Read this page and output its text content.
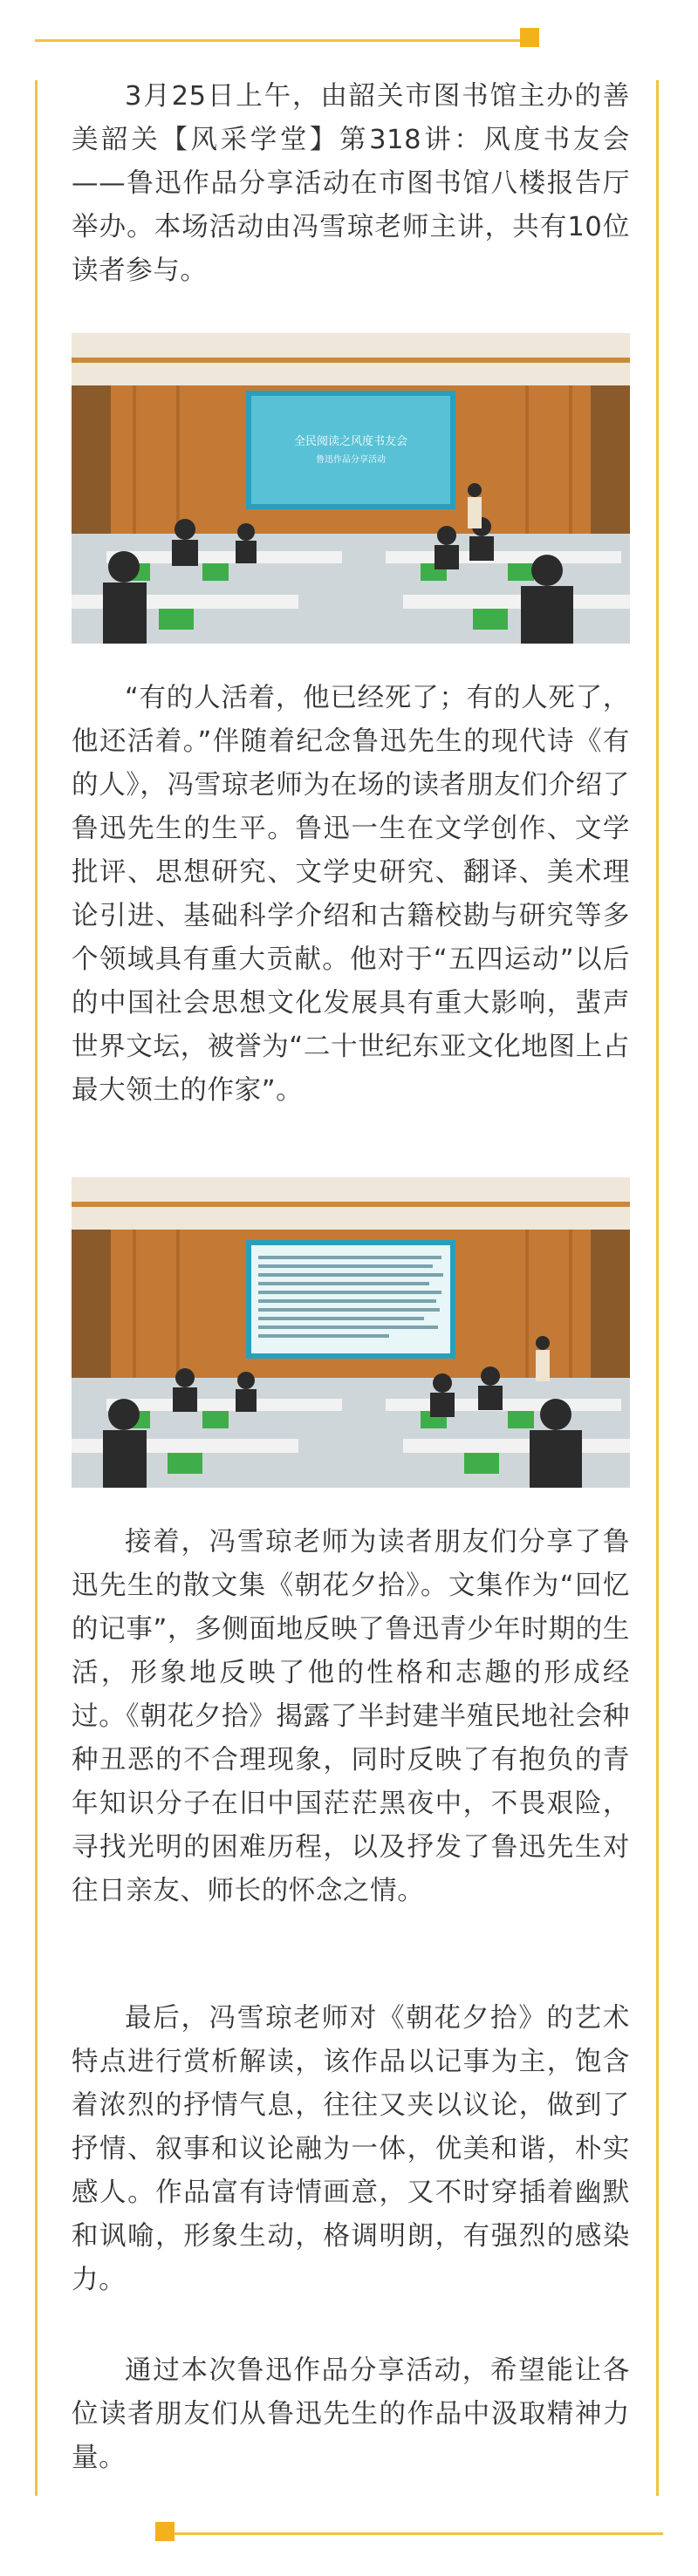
3月25日上午，由韶关市图书馆主办的善美韶关【风采学堂】第318讲：风度书友会——鲁迅作品分享活动在市图书馆八楼报告厅举办。本场活动由冯雪琼老师主讲，共有10位读者参与。

全民阅读之风度书友会
鲁迅作品分享活动

“有的人活着，他已经死了；有的人死了，他还活着。”伴随着纪念鲁迅先生的现代诗《有的人》，冯雪琼老师为在场的读者朋友们介绍了鲁迅先生的生平。鲁迅一生在文学创作、文学批评、思想研究、文学史研究、翻译、美术理论引进、基础科学介绍和古籍校勘与研究等多个领域具有重大贡献。他对于“五四运动”以后的中国社会思想文化发展具有重大影响，蜚声世界文坛，被誉为“二十世纪东亚文化地图上占最大领土的作家”。

接着，冯雪琼老师为读者朋友们分享了鲁迅先生的散文集《朝花夕拾》。文集作为“回忆的记事”，多侧面地反映了鲁迅青少年时期的生活，形象地反映了他的性格和志趣的形成经过。《朝花夕拾》揭露了半封建半殖民地社会种种丑恶的不合理现象，同时反映了有抱负的青年知识分子在旧中国茫茫黑夜中，不畏艰险，寻找光明的困难历程，以及抒发了鲁迅先生对往日亲友、师长的怀念之情。

最后，冯雪琼老师对《朝花夕拾》的艺术特点进行赏析解读，该作品以记事为主，饱含着浓烈的抒情气息，往往又夹以议论，做到了抒情、叙事和议论融为一体，优美和谐，朴实感人。作品富有诗情画意，又不时穿插着幽默和讽喻，形象生动，格调明朗，有强烈的感染力。

通过本次鲁迅作品分享活动，希望能让各位读者朋友们从鲁迅先生的作品中汲取精神力量。
